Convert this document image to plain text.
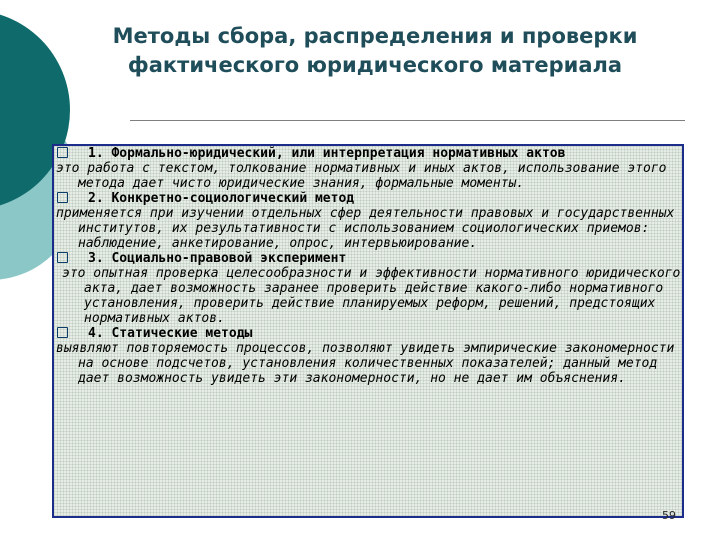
Методы сбора, распределения и проверки фактического юридического материала
1. Формально-юридический, или интерпретация нормативных актов
это работа с текстом, толкование нормативных и иных актов, использование этого метода дает чисто юридические знания, формальные моменты.
2. Конкретно-социологический метод
применяется при изучении отдельных сфер деятельности правовых и государственных институтов, их результативности с использованием социологических приемов: наблюдение, анкетирование, опрос, интервьюирование.
3. Социально-правовой эксперимент
это опытная проверка целесообразности и эффективности нормативного юридического акта, дает возможность заранее проверить действие какого-либо нормативного установления, проверить действие планируемых реформ, решений, предстоящих нормативных актов.
4. Статические методы
выявляют повторяемость процессов, позволяют увидеть эмпирические закономерности на основе подсчетов, установления количественных показателей; данный метод дает возможность увидеть эти закономерности, но не дает им объяснения.
59
